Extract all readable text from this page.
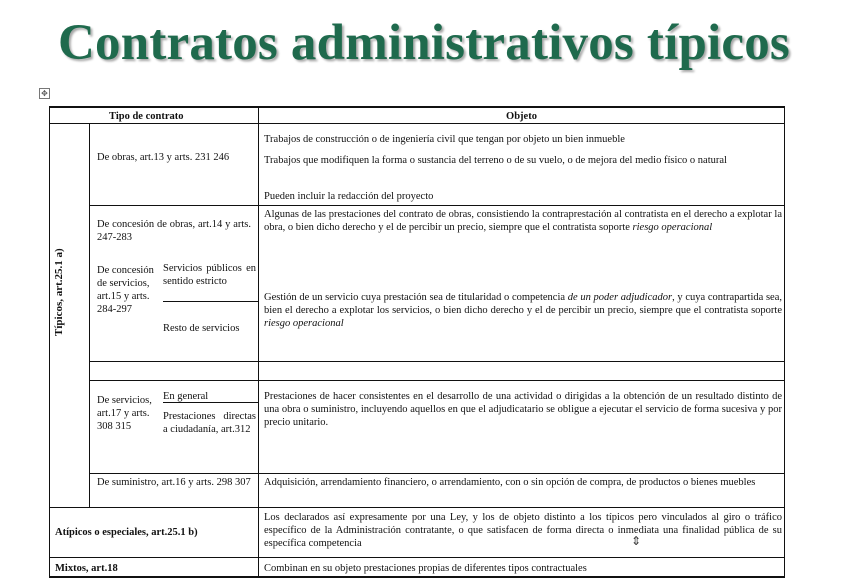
Contratos administrativos típicos
✥
Tipo de contrato	Objeto
Típicos, art.25.1 a)
De obras, art.13 y arts. 231 246
Trabajos de construcción o de ingeniería civil que tengan por objeto un bien inmueble
Trabajos que modifiquen la forma o sustancia del terreno o de su vuelo, o de mejora del medio físico o natural
Pueden incluir la redacción del proyecto
De concesión de obras, art.14 y arts. 247-283
Algunas de las prestaciones del contrato de obras, consistiendo la contraprestación al contratista en el derecho a explotar la obra, o bien dicho derecho y el de percibir un precio, siempre que el contratista soporte riesgo operacional
De concesión de servicios, art.15 y arts. 284-297
Servicios públicos en sentido estricto
Resto de servicios
Gestión de un servicio cuya prestación sea de titularidad o competencia de un poder adjudicador, y cuya contrapartida sea, bien el derecho a explotar los servicios, o bien dicho derecho y el de percibir un precio, siempre que el contratista soporte riesgo operacional
De servicios, art.17 y arts. 308 315
En general
Prestaciones directas a ciudadanía, art.312
Prestaciones de hacer consistentes en el desarrollo de una actividad o dirigidas a la obtención de un resultado distinto de una obra o suministro, incluyendo aquellos en que el adjudicatario se obligue a ejecutar el servicio de forma sucesiva y por precio unitario.
De suministro, art.16 y arts. 298 307 Adquisición, arrendamiento financiero, o arrendamiento, con o sin opción de compra, de productos o bienes muebles
Atípicos o especiales, art.25.1 b)
Los declarados así expresamente por una Ley, y los de objeto distinto a los típicos pero vinculados al giro o tráfico específico de la Administración contratante, o que satisfacen de forma directa o inmediata una finalidad pública de su específica competencia
Mixtos, art.18	Combinan en su objeto prestaciones propias de diferentes tipos contractuales
⇕
